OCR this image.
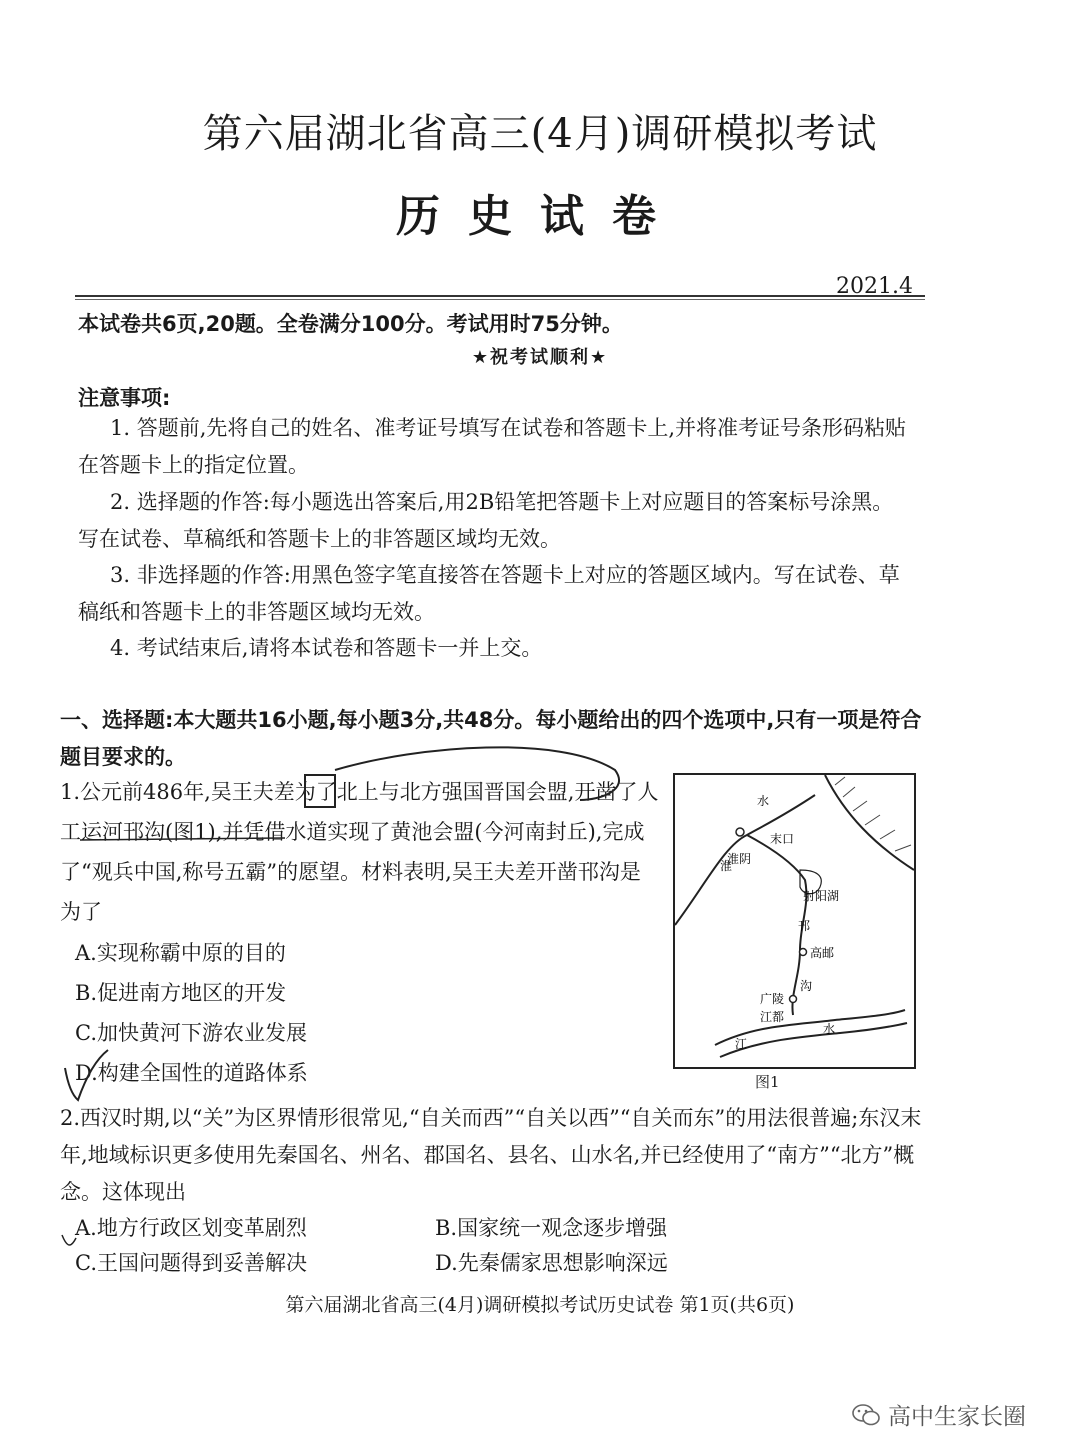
第六届湖北省高三(4月)调研模拟考试
历史试卷
2021.4
本试卷共6页,20题。全卷满分100分。考试用时75分钟。
★祝考试顺利★
注意事项:
1. 答题前,先将自己的姓名、准考证号填写在试卷和答题卡上,并将准考证号条形码粘贴在答题卡上的指定位置。
2. 选择题的作答:每小题选出答案后,用2B铅笔把答题卡上对应题目的答案标号涂黑。写在试卷、草稿纸和答题卡上的非答题区域均无效。
3. 非选择题的作答:用黑色签字笔直接答在答题卡上对应的答题区域内。写在试卷、草稿纸和答题卡上的非答题区域均无效。
4. 考试结束后,请将本试卷和答题卡一并上交。
一、选择题:本大题共16小题,每小题3分,共48分。每小题给出的四个选项中,只有一项是符合题目要求的。
1.公元前486年,吴王夫差为了北上与北方强国晋国会盟,开凿了人工运河邗沟(图1),并凭借水道实现了黄池会盟(今河南封丘),完成了“观兵中国,称号五霸”的愿望。材料表明,吴王夫差开凿邗沟是为了
A.实现称霸中原的目的
B.促进南方地区的开发
C.加快黄河下游农业发展
D.构建全国性的道路体系
水
末口
淮
淮阴
射阳湖
邗
高邮
沟
广陵
江都
江
水
图1
2.西汉时期,以“关”为区界情形很常见,“自关而西”“自关以西”“自关而东”的用法很普遍;东汉末年,地域标识更多使用先秦国名、州名、郡国名、县名、山水名,并已经使用了“南方”“北方”概念。这体现出
A.地方行政区划变革剧烈	B.国家统一观念逐步增强
C.王国问题得到妥善解决	D.先秦儒家思想影响深远
第六届湖北省高三(4月)调研模拟考试历史试卷 第1页(共6页)
高中生家长圈
